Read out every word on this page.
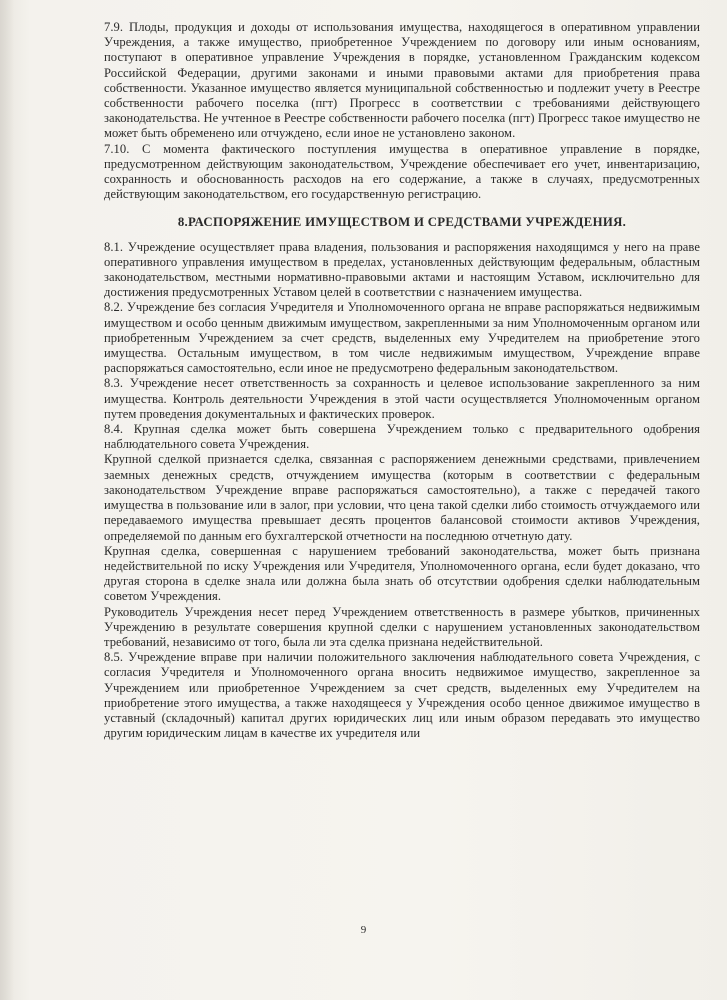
7.9. Плоды, продукция и доходы от использования имущества, находящегося в оперативном управлении Учреждения, а также имущество, приобретенное Учреждением по договору или иным основаниям, поступают в оперативное управление Учреждения в порядке, установленном Гражданским кодексом Российской Федерации, другими законами и иными правовыми актами для приобретения права собственности. Указанное имущество является муниципальной собственностью и подлежит учету в Реестре собственности рабочего поселка (пгт) Прогресс в соответствии с требованиями действующего законодательства. Не учтенное в Реестре собственности рабочего поселка (пгт) Прогресс такое имущество не может быть обременено или отчуждено, если иное не установлено законом.

7.10. С момента фактического поступления имущества в оперативное управление в порядке, предусмотренном действующим законодательством, Учреждение обеспечивает его учет, инвентаризацию, сохранность и обоснованность расходов на его содержание, а также в случаях, предусмотренных действующим законодательством, его государственную регистрацию.

8.РАСПОРЯЖЕНИЕ ИМУЩЕСТВОМ И СРЕДСТВАМИ УЧРЕЖДЕНИЯ.

8.1. Учреждение осуществляет права владения, пользования и распоряжения находящимся у него на праве оперативного управления имуществом в пределах, установленных действующим федеральным, областным законодательством, местными нормативно-правовыми актами и настоящим Уставом, исключительно для достижения предусмотренных Уставом целей в соответствии с назначением имущества.

8.2. Учреждение без согласия Учредителя и Уполномоченного органа не вправе распоряжаться недвижимым имуществом и особо ценным движимым имуществом, закрепленными за ним Уполномоченным органом или приобретенным Учреждением за счет средств, выделенных ему Учредителем на приобретение этого имущества. Остальным имуществом, в том числе недвижимым имуществом, Учреждение вправе распоряжаться самостоятельно, если иное не предусмотрено федеральным законодательством.

8.3. Учреждение несет ответственность за сохранность и целевое использование закрепленного за ним имущества. Контроль деятельности Учреждения в этой части осуществляется Уполномоченным органом путем проведения документальных и фактических проверок.

8.4. Крупная сделка может быть совершена Учреждением только с предварительного одобрения наблюдательного совета Учреждения.

Крупной сделкой признается сделка, связанная с распоряжением денежными средствами, привлечением заемных денежных средств, отчуждением имущества (которым в соответствии с федеральным законодательством Учреждение вправе распоряжаться самостоятельно), а также с передачей такого имущества в пользование или в залог, при условии, что цена такой сделки либо стоимость отчуждаемого или передаваемого имущества превышает десять процентов балансовой стоимости активов Учреждения, определяемой по данным его бухгалтерской отчетности на последнюю отчетную дату.

Крупная сделка, совершенная с нарушением требований законодательства, может быть признана недействительной по иску Учреждения или Учредителя, Уполномоченного органа, если будет доказано, что другая сторона в сделке знала или должна была знать об отсутствии одобрения сделки наблюдательным советом Учреждения.

Руководитель Учреждения несет перед Учреждением ответственность в размере убытков, причиненных Учреждению в результате совершения крупной сделки с нарушением установленных законодательством требований, независимо от того, была ли эта сделка признана недействительной.

8.5. Учреждение вправе при наличии положительного заключения наблюдательного совета Учреждения, с согласия Учредителя и Уполномоченного органа вносить недвижимое имущество, закрепленное за Учреждением или приобретенное Учреждением за счет средств, выделенных ему Учредителем на приобретение этого имущества, а также находящееся у Учреждения особо ценное движимое имущество в уставный (складочный) капитал других юридических лиц или иным образом передавать это имущество другим юридическим лицам в качестве их учредителя или

9
